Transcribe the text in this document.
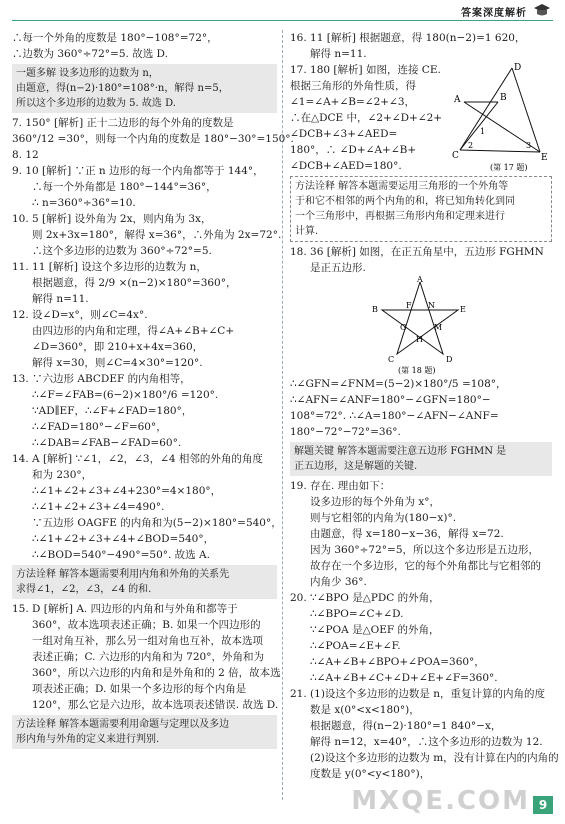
答案深度解析

∴每一个外角的度数是 180°−108°=72°，

∴边数为 360°÷72°=5. 故选 D.

一题多解 设多边形的边数为 n，

由题意，得(n−2)·180°=108°·n，解得 n=5，

所以这个多边形的边数为 5. 故选 D.

7. 150° [解析] 正十二边形的每个外角的度数是

360°/12 =30°，则每一个内角的度数是 180°−30°=150°.

8. 12

9. 10 [解析] ∵正 n 边形的每一个内角都等于 144°，

∴每一个外角都是 180°−144°=36°，

∴ n=360°÷36°=10.

10. 5 [解析] 设外角为 2x，则内角为 3x，

则 2x+3x=180°，解得 x=36°，∴外角为 2x=72°.

∴这个多边形的边数为 360°÷72°=5.

11. 11 [解析] 设这个多边形的边数为 n，

根据题意，得 2/9 ×(n−2)×180°=360°，

解得 n=11.

12. 设∠D=x°，则∠C=4x°.

由四边形的内角和定理，得∠A+∠B+∠C+

∠D=360°，即 210+x+4x=360，

解得 x=30，则∠C=4×30°=120°.

13. ∵六边形 ABCDEF 的内角相等，

∴∠F=∠FAB=(6−2)×180°/6 =120°.

∵AD∥EF，∴∠F+∠FAD=180°，

∴∠FAD=180°−∠F=60°，

∴∠DAB=∠FAB−∠FAD=60°.

14. A [解析] ∵∠1，∠2，∠3，∠4 相邻的外角的角度

和为 230°，

∴∠1+∠2+∠3+∠4+230°=4×180°，

∴∠1+∠2+∠3+∠4=490°.

∵五边形 OAGFE 的内角和为(5−2)×180°=540°，

∴∠1+∠2+∠3+∠4+∠BOD=540°，

∴∠BOD=540°−490°=50°. 故选 A.

方法诠释 解答本题需要利用内角和外角的关系先

求得∠1，∠2，∠3，∠4 的和.

15. D [解析] A. 四边形的内角和与外角和都等于

360°，故本选项表述正确；B. 如果一个四边形的

一组对角互补，那么另一组对角也互补，故本选项

表述正确；C. 六边形的内角和为 720°，外角和为

360°，所以六边形的内角和是外角和的 2 倍，故本选

项表述正确；D. 如果一个多边形的每个内角是

120°，那么它是六边形，故本选项表述错误. 故选 D.

方法诠释 解答本题需要利用命题与定理以及多边

形内角与外角的定义来进行判别.

16. 11 [解析] 根据题意，得 180(n−2)=1 620，

解得 n=11.

17. 180 [解析] 如图，连接 CE.

根据三角形的外角性质，得

∠1=∠A+∠B=∠2+∠3，

∴在△DCE 中，∠2+∠D+∠2+

∠DCB+∠3+∠AED=

180°，∴ ∠D+∠A+∠B+

∠DCB+∠AED=180°.

D
A	B
C	E
1
2	3
(第 17 题)

方法诠释 解答本题需要运用三角形的一个外角等

于和它不相邻的两个内角的和，将已知角转化到同

一个三角形中，再根据三角形内角和定理来进行

计算.

18. 36 [解析] 如图，在正五角星中，五边形 FGHMN

是正五边形.

A
B	E
F N
G	M
H
C	D
(第 18 题)

∴∠GFN=∠FNM=(5−2)×180°/5 =108°，

∴∠AFN=∠ANF=180°−∠GFN=180°−

108°=72°. ∴∠A=180°−∠AFN−∠ANF=

180°−72°−72°=36°.

解题关键 解答本题需要注意五边形 FGHMN 是

正五边形，这是解题的关键.

19. 存在. 理由如下：

设多边形的每个外角为 x°，

则与它相邻的内角为(180−x)°.

由题意，得 x=180−x−36，解得 x=72.

因为 360°÷72°=5，所以这个多边形是五边形，

故存在一个多边形，它的每个外角都比与它相邻的

内角少 36°.

20. ∵∠BPO 是△PDC 的外角，

∴∠BPO=∠C+∠D.

∵∠POA 是△OEF 的外角，

∴∠POA=∠E+∠F.

∴∠A+∠B+∠BPO+∠POA=360°，

∴∠A+∠B+∠C+∠D+∠E+∠F=360°.

21. (1)设这个多边形的边数是 n，重复计算的内角的度

数是 x(0°<x<180°)，

根据题意，得(n−2)·180°=1 840°−x，

解得 n=12，x=40°，∴这个多边形的边数为 12.

(2)设这个多边形的边数为 m，没有计算在内的内角的

度数是 y(0°<y<180°)，

MXQE.COM 9
